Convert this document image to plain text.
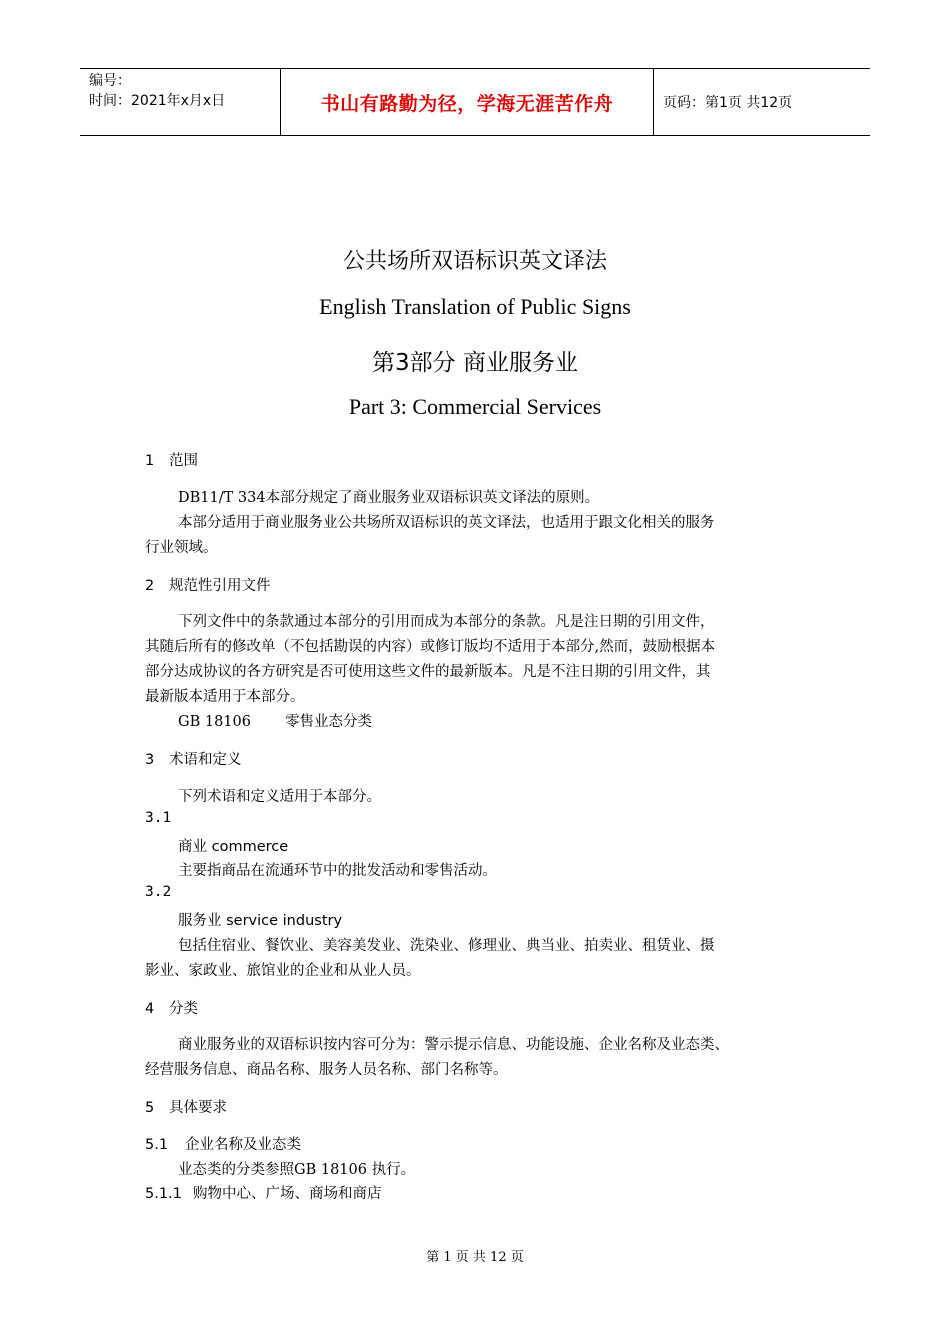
编号：
时间：2021年x月x日	书山有路勤为径，学海无涯苦作舟	页码：第1页 共12页
公共场所双语标识英文译法
English Translation of Public Signs
第3部分 商业服务业
Part 3: Commercial Services
1 范围
DB11/T 334本部分规定了商业服务业双语标识英文译法的原则。
本部分适用于商业服务业公共场所双语标识的英文译法，也适用于跟文化相关的服务
行业领域。
2 规范性引用文件
下列文件中的条款通过本部分的引用而成为本部分的条款。凡是注日期的引用文件，
其随后所有的修改单（不包括勘误的内容）或修订版均不适用于本部分,然而，鼓励根据本
部分达成协议的各方研究是否可使用这些文件的最新版本。凡是不注日期的引用文件，其
最新版本适用于本部分。
GB 18106 零售业态分类
3 术语和定义
下列术语和定义适用于本部分。
3.1
商业 commerce
主要指商品在流通环节中的批发活动和零售活动。
3.2
服务业 service industry
包括住宿业、餐饮业、美容美发业、洗染业、修理业、典当业、拍卖业、租赁业、摄
影业、家政业、旅馆业的企业和从业人员。
4 分类
商业服务业的双语标识按内容可分为：警示提示信息、功能设施、企业名称及业态类、
经营服务信息、商品名称、服务人员名称、部门名称等。
5 具体要求
5.1 企业名称及业态类
业态类的分类参照GB 18106 执行。
5.1.1 购物中心、广场、商场和商店
第 1 页 共 12 页
